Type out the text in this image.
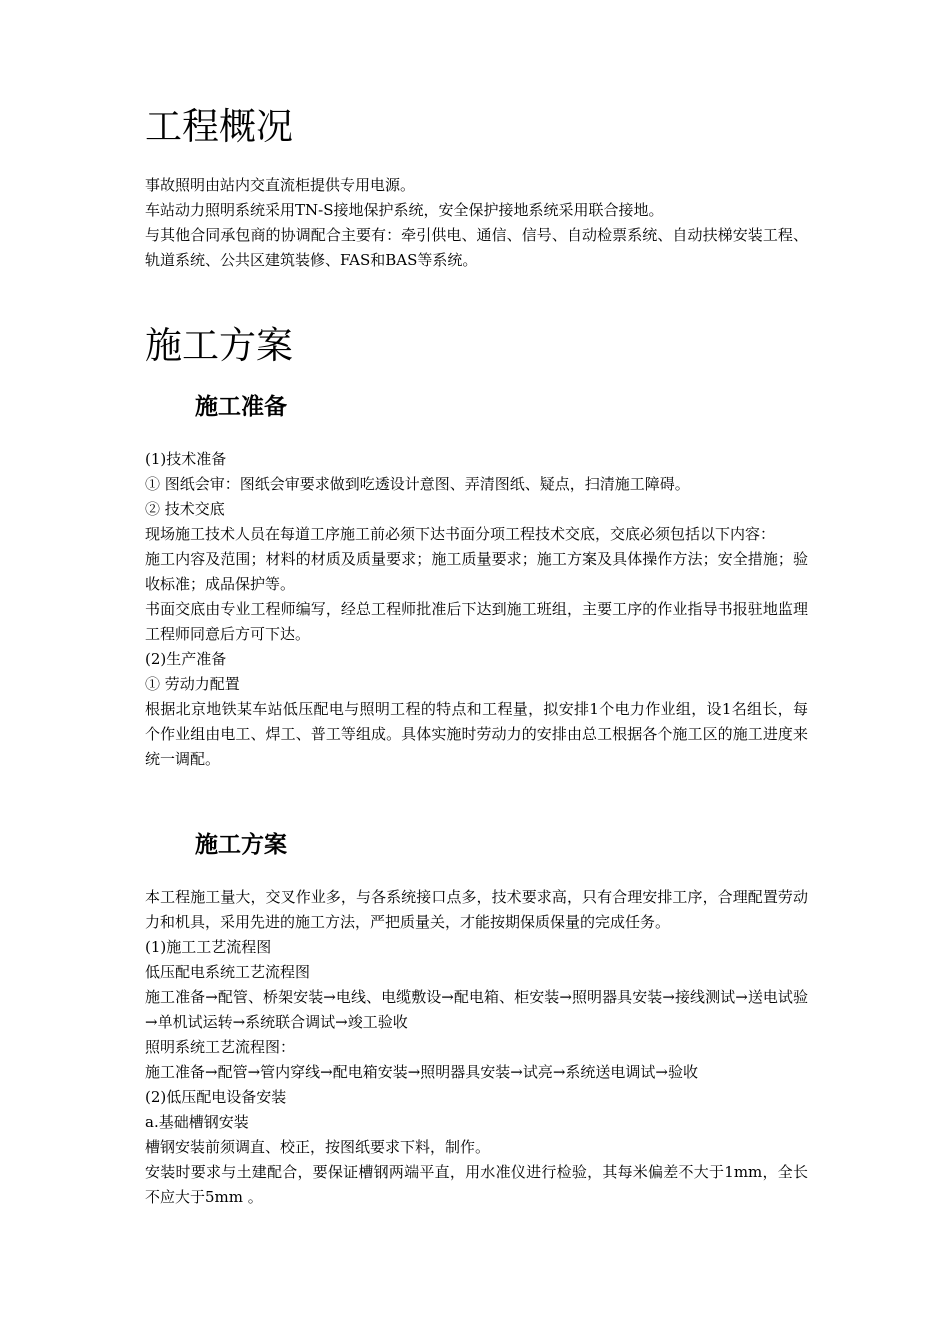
工程概况

事故照明由站内交直流柜提供专用电源。

车站动力照明系统采用TN-S接地保护系统，安全保护接地系统采用联合接地。

与其他合同承包商的协调配合主要有：牵引供电、通信、信号、自动检票系统、自动扶梯安装工程、轨道系统、公共区建筑装修、FAS和BAS等系统。

施工方案
施工准备

(1)技术准备

① 图纸会审：图纸会审要求做到吃透设计意图、弄清图纸、疑点，扫清施工障碍。

② 技术交底

现场施工技术人员在每道工序施工前必须下达书面分项工程技术交底，交底必须包括以下内容：

施工内容及范围；材料的材质及质量要求；施工质量要求；施工方案及具体操作方法；安全措施；验收标准；成品保护等。

书面交底由专业工程师编写，经总工程师批准后下达到施工班组，主要工序的作业指导书报驻地监理工程师同意后方可下达。

(2)生产准备

① 劳动力配置

根据北京地铁某车站低压配电与照明工程的特点和工程量，拟安排1个电力作业组，设1名组长，每个作业组由电工、焊工、普工等组成。具体实施时劳动力的安排由总工根据各个施工区的施工进度来统一调配。

施工方案

本工程施工量大，交叉作业多，与各系统接口点多，技术要求高，只有合理安排工序，合理配置劳动力和机具，采用先进的施工方法，严把质量关，才能按期保质保量的完成任务。

(1)施工工艺流程图

低压配电系统工艺流程图

施工准备→配管、桥架安装→电线、电缆敷设→配电箱、柜安装→照明器具安装→接线测试→送电试验→单机试运转→系统联合调试→竣工验收

照明系统工艺流程图：

施工准备→配管→管内穿线→配电箱安装→照明器具安装→试亮→系统送电调试→验收

(2)低压配电设备安装

a.基础槽钢安装

槽钢安装前须调直、校正，按图纸要求下料，制作。

安装时要求与土建配合，要保证槽钢两端平直，用水准仪进行检验，其每米偏差不大于1mm，全长不应大于5mm 。
